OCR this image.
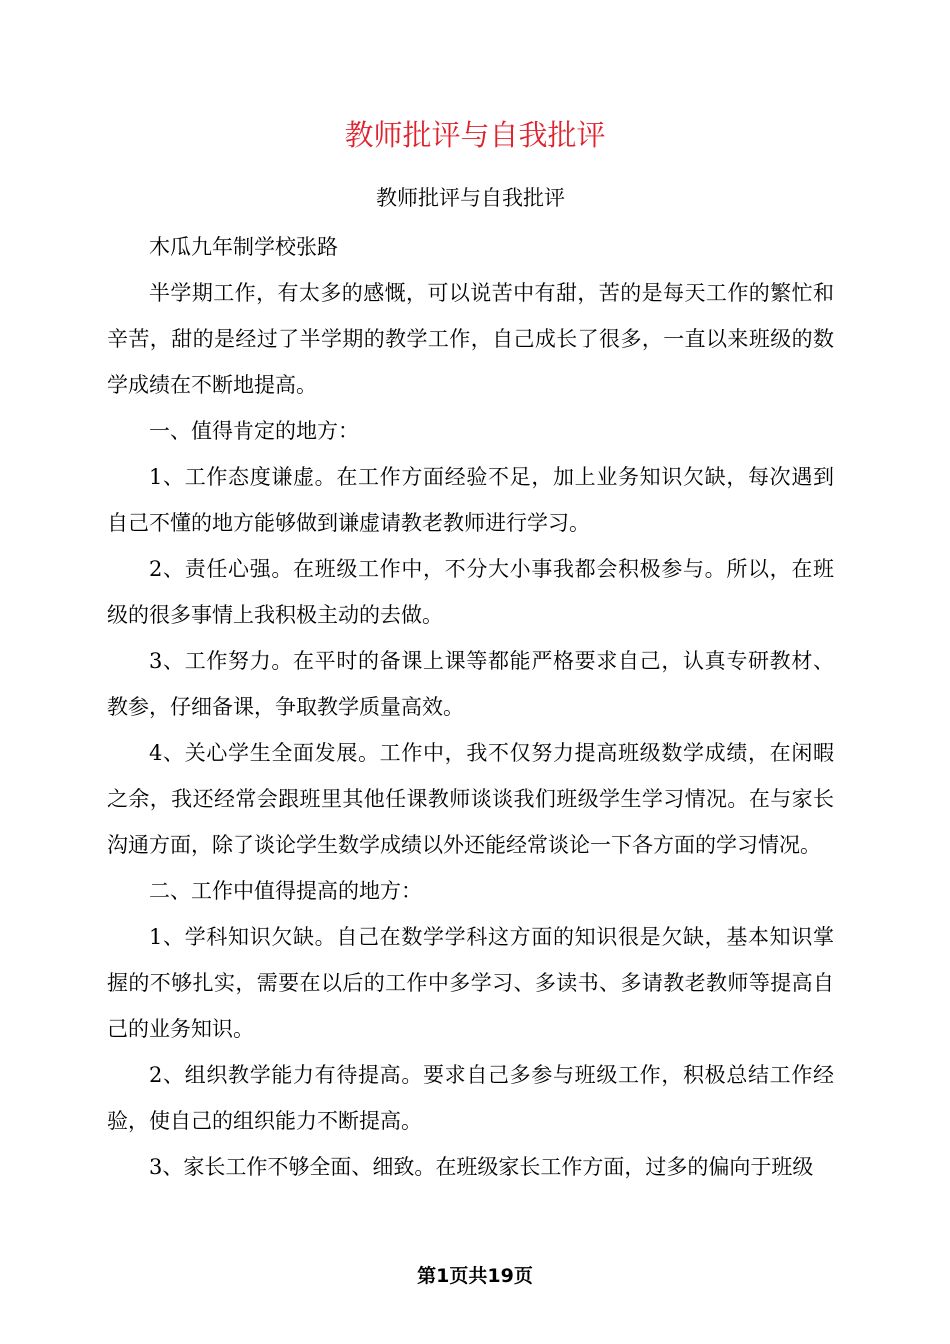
教师批评与自我批评

教师批评与自我批评

木瓜九年制学校张路

半学期工作，有太多的感慨，可以说苦中有甜，苦的是每天工作的繁忙和辛苦，甜的是经过了半学期的教学工作，自己成长了很多，一直以来班级的数学成绩在不断地提高。

一、值得肯定的地方：

1、工作态度谦虚。在工作方面经验不足，加上业务知识欠缺，每次遇到自己不懂的地方能够做到谦虚请教老教师进行学习。

2、责任心强。在班级工作中，不分大小事我都会积极参与。所以，在班级的很多事情上我积极主动的去做。

3、工作努力。在平时的备课上课等都能严格要求自己，认真专研教材、教参，仔细备课，争取教学质量高效。

4、关心学生全面发展。工作中，我不仅努力提高班级数学成绩，在闲暇之余，我还经常会跟班里其他任课教师谈谈我们班级学生学习情况。在与家长沟通方面，除了谈论学生数学成绩以外还能经常谈论一下各方面的学习情况。

二、工作中值得提高的地方：

1、学科知识欠缺。自己在数学学科这方面的知识很是欠缺，基本知识掌握的不够扎实，需要在以后的工作中多学习、多读书、多请教老教师等提高自己的业务知识。

2、组织教学能力有待提高。要求自己多参与班级工作，积极总结工作经验，使自己的组织能力不断提高。

3、家长工作不够全面、细致。在班级家长工作方面，过多的偏向于班级

第1页共19页
